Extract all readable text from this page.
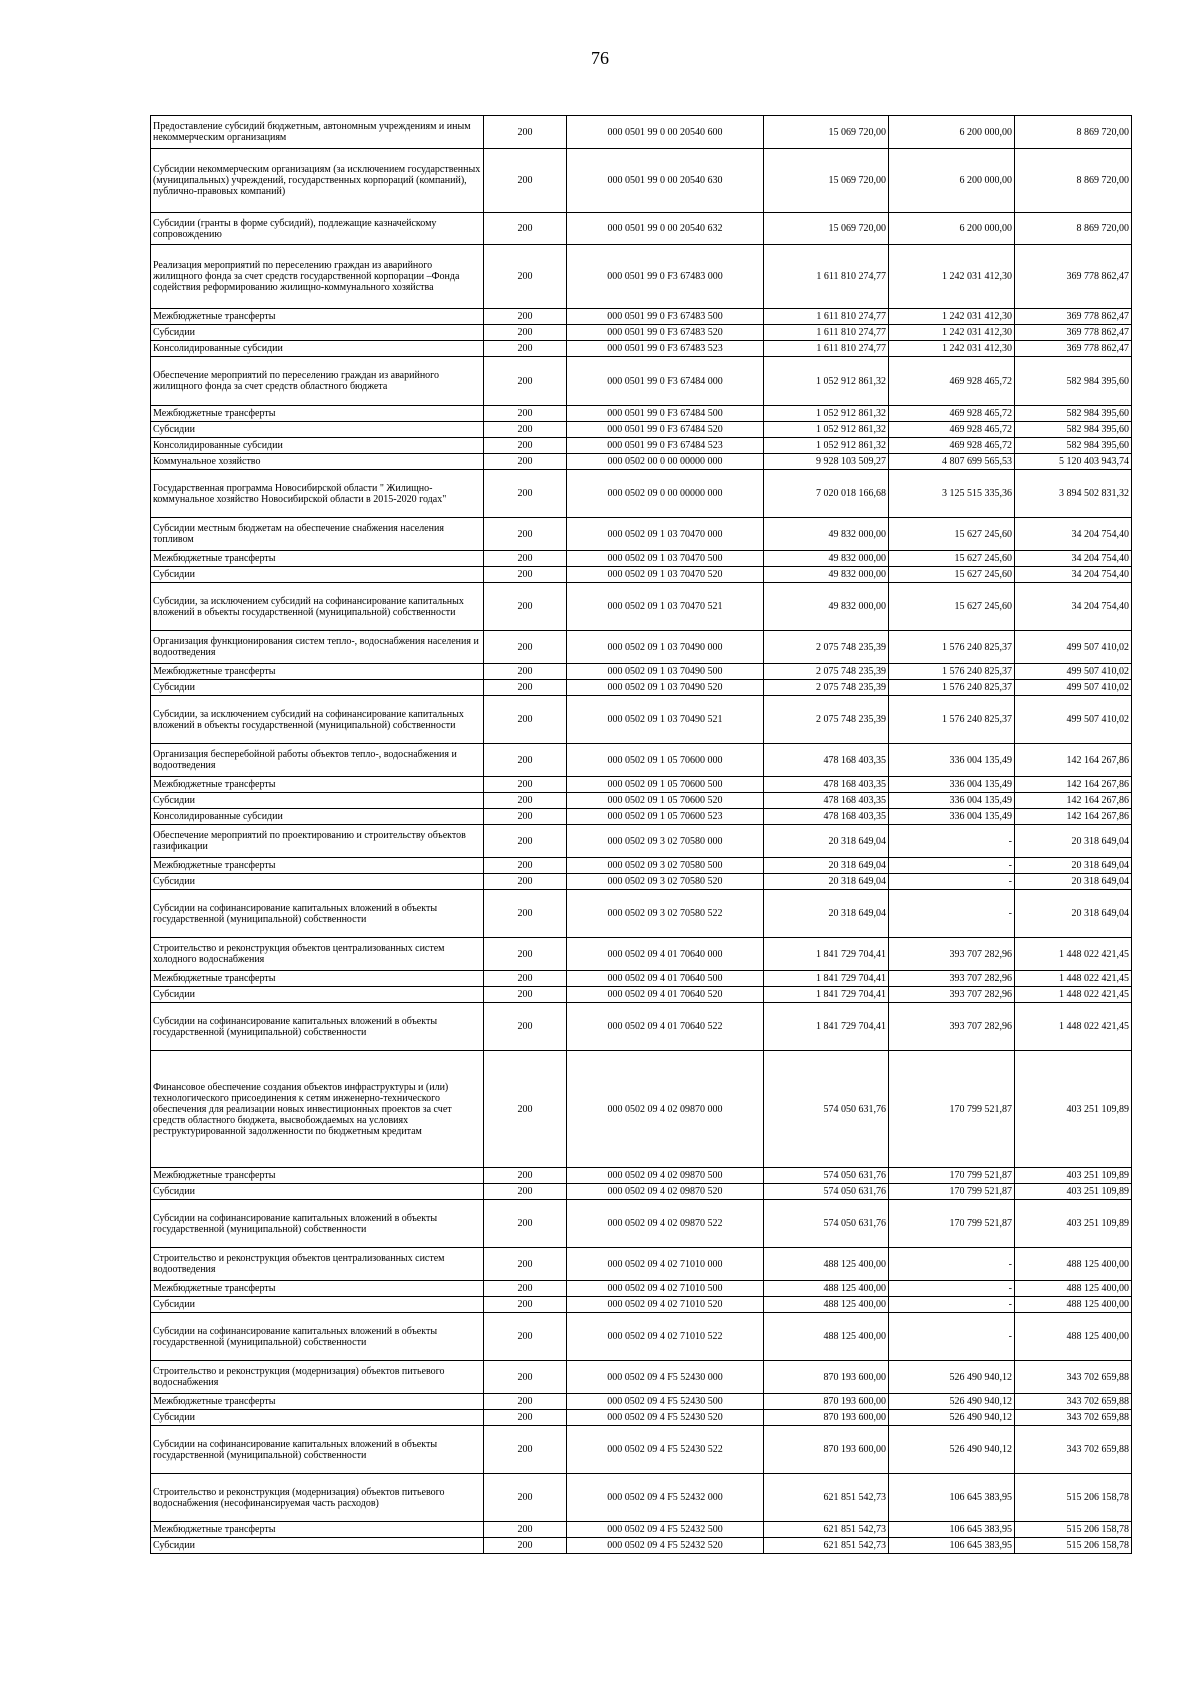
76
Предоставление субсидий бюджетным, автономным учреждениям и иным некоммерческим организациям	200	000 0501 99 0 00 20540 600	15 069 720,00	6 200 000,00	8 869 720,00
Субсидии некоммерческим организациям (за исключением государственных (муниципальных) учреждений, государственных корпораций (компаний), публично-правовых компаний)	200	000 0501 99 0 00 20540 630	15 069 720,00	6 200 000,00	8 869 720,00
Субсидии (гранты в форме субсидий), подлежащие казначейскому сопровождению	200	000 0501 99 0 00 20540 632	15 069 720,00	6 200 000,00	8 869 720,00
Реализация мероприятий по переселению граждан из аварийного жилищного фонда за счет средств государственной корпорации –Фонда содействия реформированию жилищно-коммунального хозяйства	200	000 0501 99 0 F3 67483 000	1 611 810 274,77	1 242 031 412,30	369 778 862,47
Межбюджетные трансферты	200	000 0501 99 0 F3 67483 500	1 611 810 274,77	1 242 031 412,30	369 778 862,47
Субсидии	200	000 0501 99 0 F3 67483 520	1 611 810 274,77	1 242 031 412,30	369 778 862,47
Консолидированные субсидии	200	000 0501 99 0 F3 67483 523	1 611 810 274,77	1 242 031 412,30	369 778 862,47
Обеспечение мероприятий по переселению граждан из аварийного жилищного фонда за счет средств областного бюджета	200	000 0501 99 0 F3 67484 000	1 052 912 861,32	469 928 465,72	582 984 395,60
Межбюджетные трансферты	200	000 0501 99 0 F3 67484 500	1 052 912 861,32	469 928 465,72	582 984 395,60
Субсидии	200	000 0501 99 0 F3 67484 520	1 052 912 861,32	469 928 465,72	582 984 395,60
Консолидированные субсидии	200	000 0501 99 0 F3 67484 523	1 052 912 861,32	469 928 465,72	582 984 395,60
Коммунальное хозяйство	200	000 0502 00 0 00 00000 000	9 928 103 509,27	4 807 699 565,53	5 120 403 943,74
Государственная программа Новосибирской области " Жилищно-коммунальное хозяйство Новосибирской области в 2015-2020 годах"	200	000 0502 09 0 00 00000 000	7 020 018 166,68	3 125 515 335,36	3 894 502 831,32
Субсидии местным бюджетам на обеспечение снабжения населения топливом	200	000 0502 09 1 03 70470 000	49 832 000,00	15 627 245,60	34 204 754,40
Межбюджетные трансферты	200	000 0502 09 1 03 70470 500	49 832 000,00	15 627 245,60	34 204 754,40
Субсидии	200	000 0502 09 1 03 70470 520	49 832 000,00	15 627 245,60	34 204 754,40
Субсидии, за исключением субсидий на софинансирование капитальных вложений в объекты государственной (муниципальной) собственности	200	000 0502 09 1 03 70470 521	49 832 000,00	15 627 245,60	34 204 754,40
Организация функционирования систем тепло-, водоснабжения населения и водоотведения	200	000 0502 09 1 03 70490 000	2 075 748 235,39	1 576 240 825,37	499 507 410,02
Межбюджетные трансферты	200	000 0502 09 1 03 70490 500	2 075 748 235,39	1 576 240 825,37	499 507 410,02
Субсидии	200	000 0502 09 1 03 70490 520	2 075 748 235,39	1 576 240 825,37	499 507 410,02
Субсидии, за исключением субсидий на софинансирование капитальных вложений в объекты государственной (муниципальной) собственности	200	000 0502 09 1 03 70490 521	2 075 748 235,39	1 576 240 825,37	499 507 410,02
Организация бесперебойной работы объектов тепло-, водоснабжения и водоотведения	200	000 0502 09 1 05 70600 000	478 168 403,35	336 004 135,49	142 164 267,86
Межбюджетные трансферты	200	000 0502 09 1 05 70600 500	478 168 403,35	336 004 135,49	142 164 267,86
Субсидии	200	000 0502 09 1 05 70600 520	478 168 403,35	336 004 135,49	142 164 267,86
Консолидированные субсидии	200	000 0502 09 1 05 70600 523	478 168 403,35	336 004 135,49	142 164 267,86
Обеспечение мероприятий по проектированию и строительству объектов газификации	200	000 0502 09 3 02 70580 000	20 318 649,04	-	20 318 649,04
Межбюджетные трансферты	200	000 0502 09 3 02 70580 500	20 318 649,04	-	20 318 649,04
Субсидии	200	000 0502 09 3 02 70580 520	20 318 649,04	-	20 318 649,04
Субсидии на софинансирование капитальных вложений в объекты государственной (муниципальной) собственности	200	000 0502 09 3 02 70580 522	20 318 649,04	-	20 318 649,04
Строительство и реконструкция объектов централизованных систем холодного водоснабжения	200	000 0502 09 4 01 70640 000	1 841 729 704,41	393 707 282,96	1 448 022 421,45
Межбюджетные трансферты	200	000 0502 09 4 01 70640 500	1 841 729 704,41	393 707 282,96	1 448 022 421,45
Субсидии	200	000 0502 09 4 01 70640 520	1 841 729 704,41	393 707 282,96	1 448 022 421,45
Субсидии на софинансирование капитальных вложений в объекты государственной (муниципальной) собственности	200	000 0502 09 4 01 70640 522	1 841 729 704,41	393 707 282,96	1 448 022 421,45
Финансовое обеспечение создания объектов инфраструктуры и (или) технологического присоединения к сетям инженерно-технического обеспечения для реализации новых инвестиционных проектов за счет средств областного бюджета, высвобождаемых на условиях реструктурированной задолженности по бюджетным кредитам	200	000 0502 09 4 02 09870 000	574 050 631,76	170 799 521,87	403 251 109,89
Межбюджетные трансферты	200	000 0502 09 4 02 09870 500	574 050 631,76	170 799 521,87	403 251 109,89
Субсидии	200	000 0502 09 4 02 09870 520	574 050 631,76	170 799 521,87	403 251 109,89
Субсидии на софинансирование капитальных вложений в объекты государственной (муниципальной) собственности	200	000 0502 09 4 02 09870 522	574 050 631,76	170 799 521,87	403 251 109,89
Строительство и реконструкция объектов централизованных систем водоотведения	200	000 0502 09 4 02 71010 000	488 125 400,00	-	488 125 400,00
Межбюджетные трансферты	200	000 0502 09 4 02 71010 500	488 125 400,00	-	488 125 400,00
Субсидии	200	000 0502 09 4 02 71010 520	488 125 400,00	-	488 125 400,00
Субсидии на софинансирование капитальных вложений в объекты государственной (муниципальной) собственности	200	000 0502 09 4 02 71010 522	488 125 400,00	-	488 125 400,00
Строительство и реконструкция (модернизация) объектов питьевого водоснабжения	200	000 0502 09 4 F5 52430 000	870 193 600,00	526 490 940,12	343 702 659,88
Межбюджетные трансферты	200	000 0502 09 4 F5 52430 500	870 193 600,00	526 490 940,12	343 702 659,88
Субсидии	200	000 0502 09 4 F5 52430 520	870 193 600,00	526 490 940,12	343 702 659,88
Субсидии на софинансирование капитальных вложений в объекты государственной (муниципальной) собственности	200	000 0502 09 4 F5 52430 522	870 193 600,00	526 490 940,12	343 702 659,88
Строительство и реконструкция (модернизация) объектов питьевого водоснабжения (несофинансируемая часть расходов)	200	000 0502 09 4 F5 52432 000	621 851 542,73	106 645 383,95	515 206 158,78
Межбюджетные трансферты	200	000 0502 09 4 F5 52432 500	621 851 542,73	106 645 383,95	515 206 158,78
Субсидии	200	000 0502 09 4 F5 52432 520	621 851 542,73	106 645 383,95	515 206 158,78
